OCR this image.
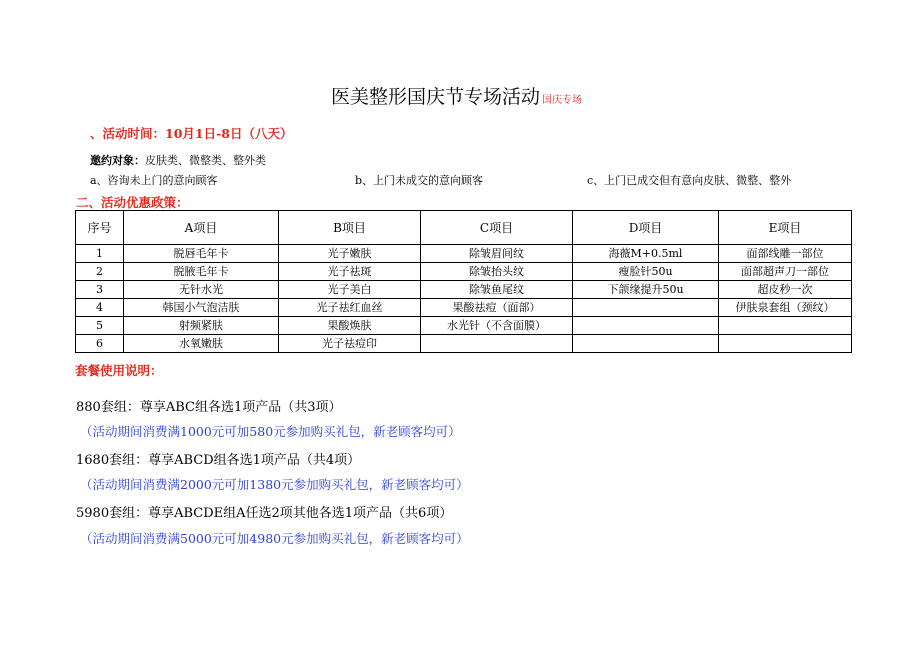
医美整形国庆节专场活动 国庆专场
、活动时间：10月1日-8日（八天）
邀约对象：皮肤类、微整类、整外类
a、咨询未上门的意向顾客	b、上门未成交的意向顾客	c、上门已成交但有意向皮肤、微整、整外
二、活动优惠政策：
序号	A项目	B项目	C项目	D项目	E项目
1	脱唇毛年卡	光子嫩肤	除皱眉间纹	海薇M+0.5ml	面部线雕一部位
2	脱腋毛年卡	光子祛斑	除皱抬头纹	瘦脸针50u	面部超声刀一部位
3	无针水光	光子美白	除皱鱼尾纹	下颌缘提升50u	超皮秒一次
4	韩国小气泡洁肤	光子祛红血丝	果酸祛痘（面部）		伊肤泉套组（颈纹）
5	射频紧肤	果酸焕肤	水光针（不含面膜）		
6	水氧嫩肤	光子祛痘印			
套餐使用说明：
880套组：尊享ABC组各选1项产品（共3项）
（活动期间消费满1000元可加580元参加购买礼包，新老顾客均可）
1680套组：尊享ABCD组各选1项产品（共4项）
（活动期间消费满2000元可加1380元参加购买礼包，新老顾客均可）
5980套组：尊享ABCDE组A任选2项其他各选1项产品（共6项）
（活动期间消费满5000元可加4980元参加购买礼包，新老顾客均可）
